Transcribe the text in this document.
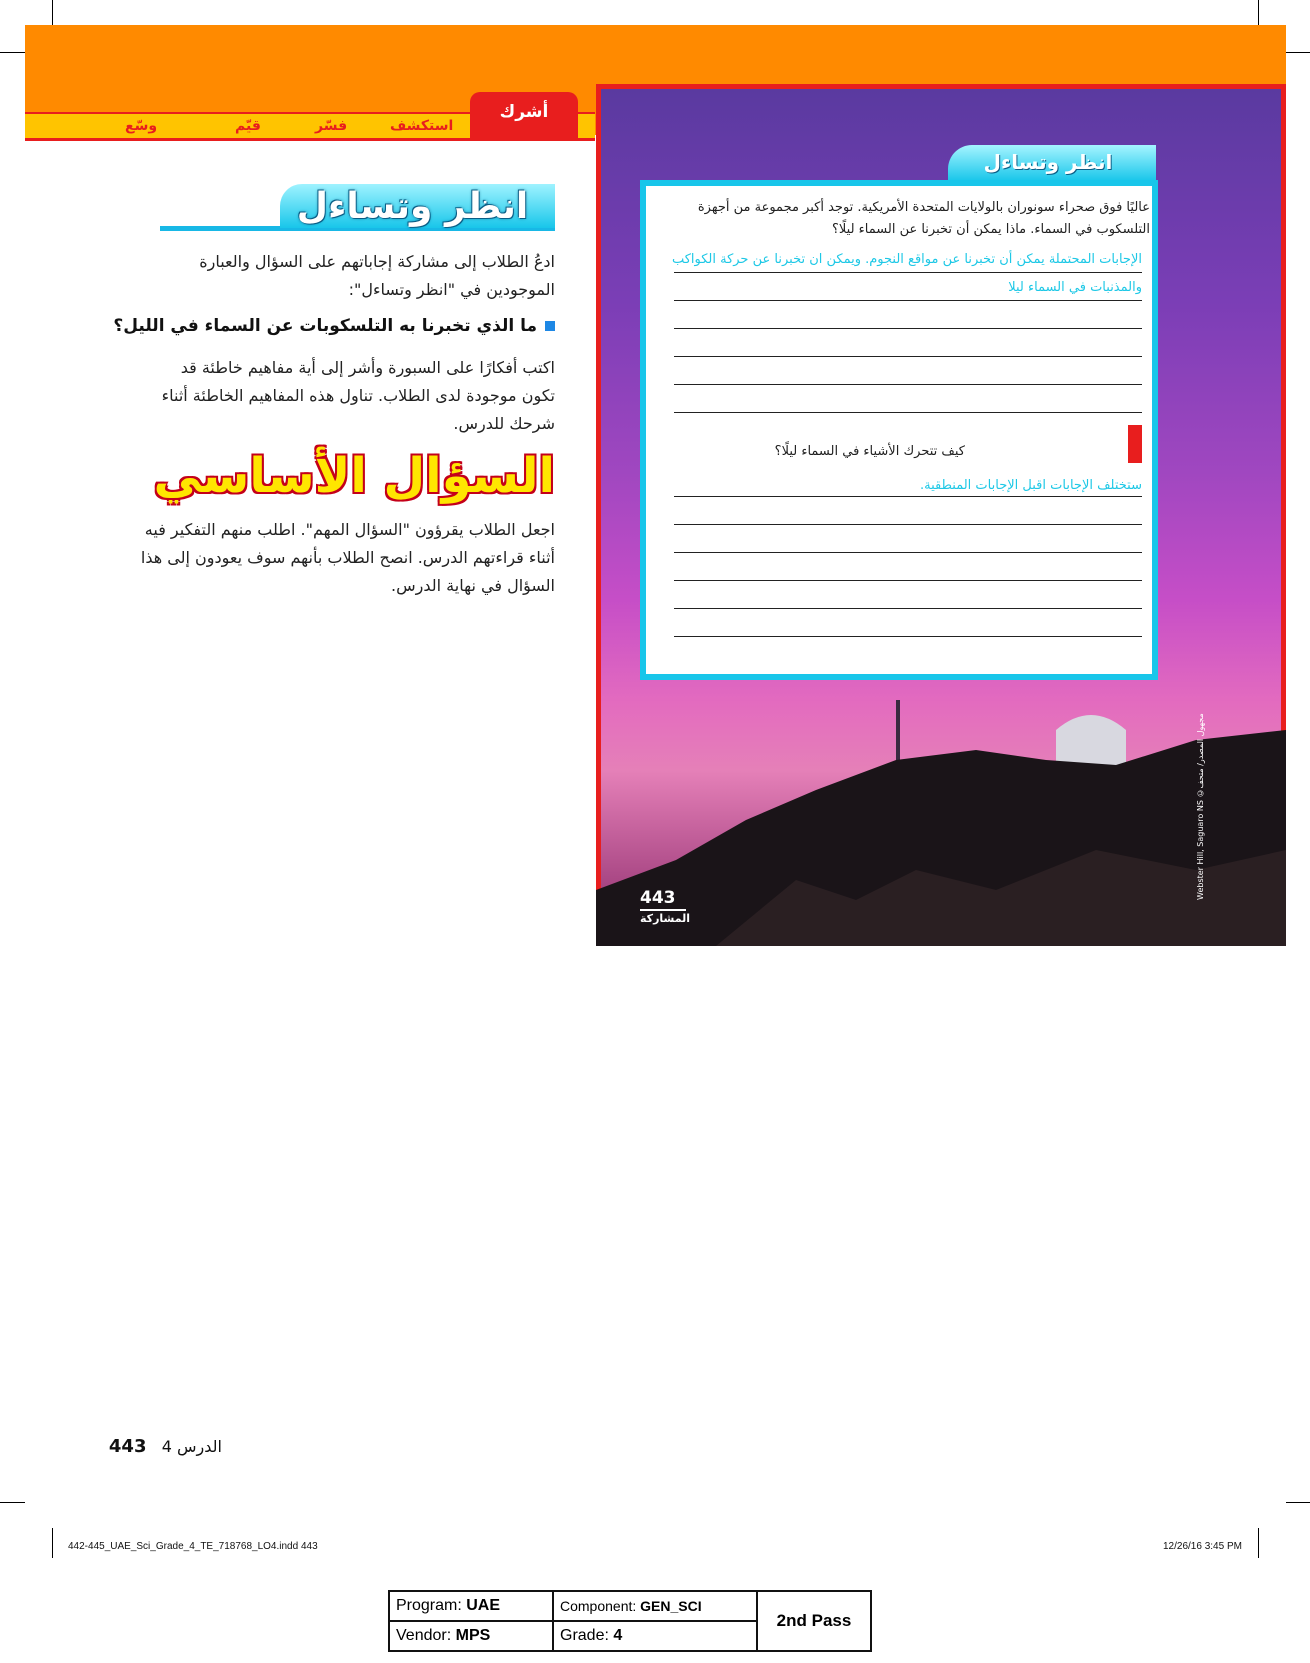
استكشف
فسّر
قيّم
وسّع
أشرك
انظر وتساءل
ادعُ الطلاب إلى مشاركة إجاباتهم على السؤال والعبارة
الموجودين في "انظر وتساءل":
ما الذي تخبرنا به التلسكوبات عن السماء في الليل؟
اكتب أفكارًا على السبورة وأشر إلى أية مفاهيم خاطئة قد
تكون موجودة لدى الطلاب. تناول هذه المفاهيم الخاطئة أثناء
شرحك للدرس.
السؤال الأساسي
اجعل الطلاب يقرؤون "السؤال المهم". اطلب منهم التفكير فيه
أثناء قراءتهم الدرس. انصح الطلاب بأنهم سوف يعودون إلى هذا
السؤال في نهاية الدرس.
Webster Hill, Saguaro NS ©مجهول المصدر/ متحف
443
المشاركة
انظر وتساءل
عاليًا فوق صحراء سونوران بالولايات المتحدة الأمريكية. توجد أكبر مجموعة من أجهزة
التلسكوب في السماء. ماذا يمكن أن تخبرنا عن السماء ليلًا؟
الإجابات المحتملة يمكن أن تخبرنا عن مواقع النجوم. ويمكن ان تخبرنا عن حركة الكواكب
والمذنبات في السماء ليلا
كيف تتحرك الأشياء في السماء ليلًا؟
ستختلف الإجابات اقبل الإجابات المنطقية.
الدرس 4   443
442-445_UAE_Sci_Grade_4_TE_718768_LO4.indd 443	12/26/16 3:45 PM
Program: UAE	Component: GEN_SCI	2nd Pass
Vendor: MPS	Grade: 4	
